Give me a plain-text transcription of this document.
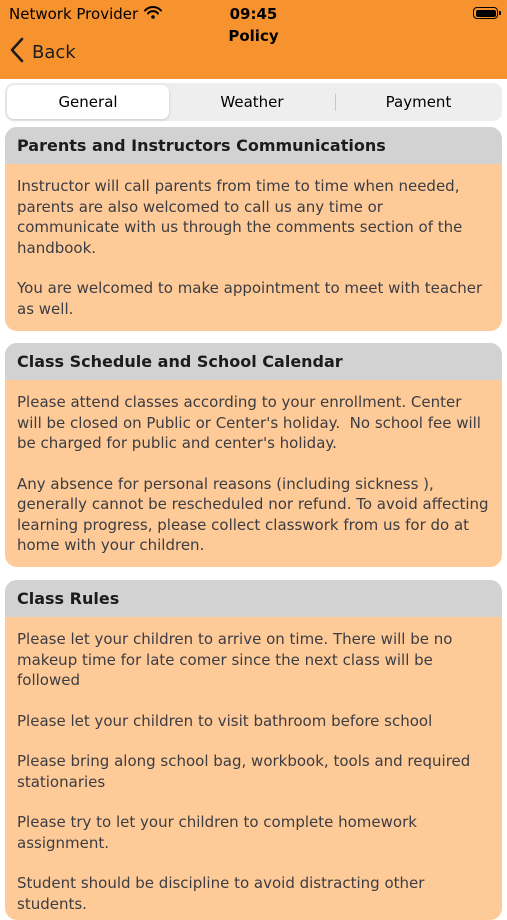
Network Provider	09:45
Back
Policy
General	Weather	Payment
Parents and Instructors Communications

Instructor will call parents from time to time when needed, parents are also welcomed to call us any time or communicate with us through the comments section of the handbook.

You are welcomed to make appointment to meet with teacher as well.

Class Schedule and School Calendar

Please attend classes according to your enrollment. Center will be closed on Public or Center's holiday.  No school fee will be charged for public and center's holiday.

Any absence for personal reasons (including sickness ), generally cannot be rescheduled nor refund. To avoid affecting learning progress, please collect classwork from us for do at home with your children.

Class Rules

Please let your children to arrive on time. There will be no makeup time for late comer since the next class will be followed

Please let your children to visit bathroom before school

Please bring along school bag, workbook, tools and required stationaries

Please try to let your children to complete homework assignment.

Student should be discipline to avoid distracting other students.
